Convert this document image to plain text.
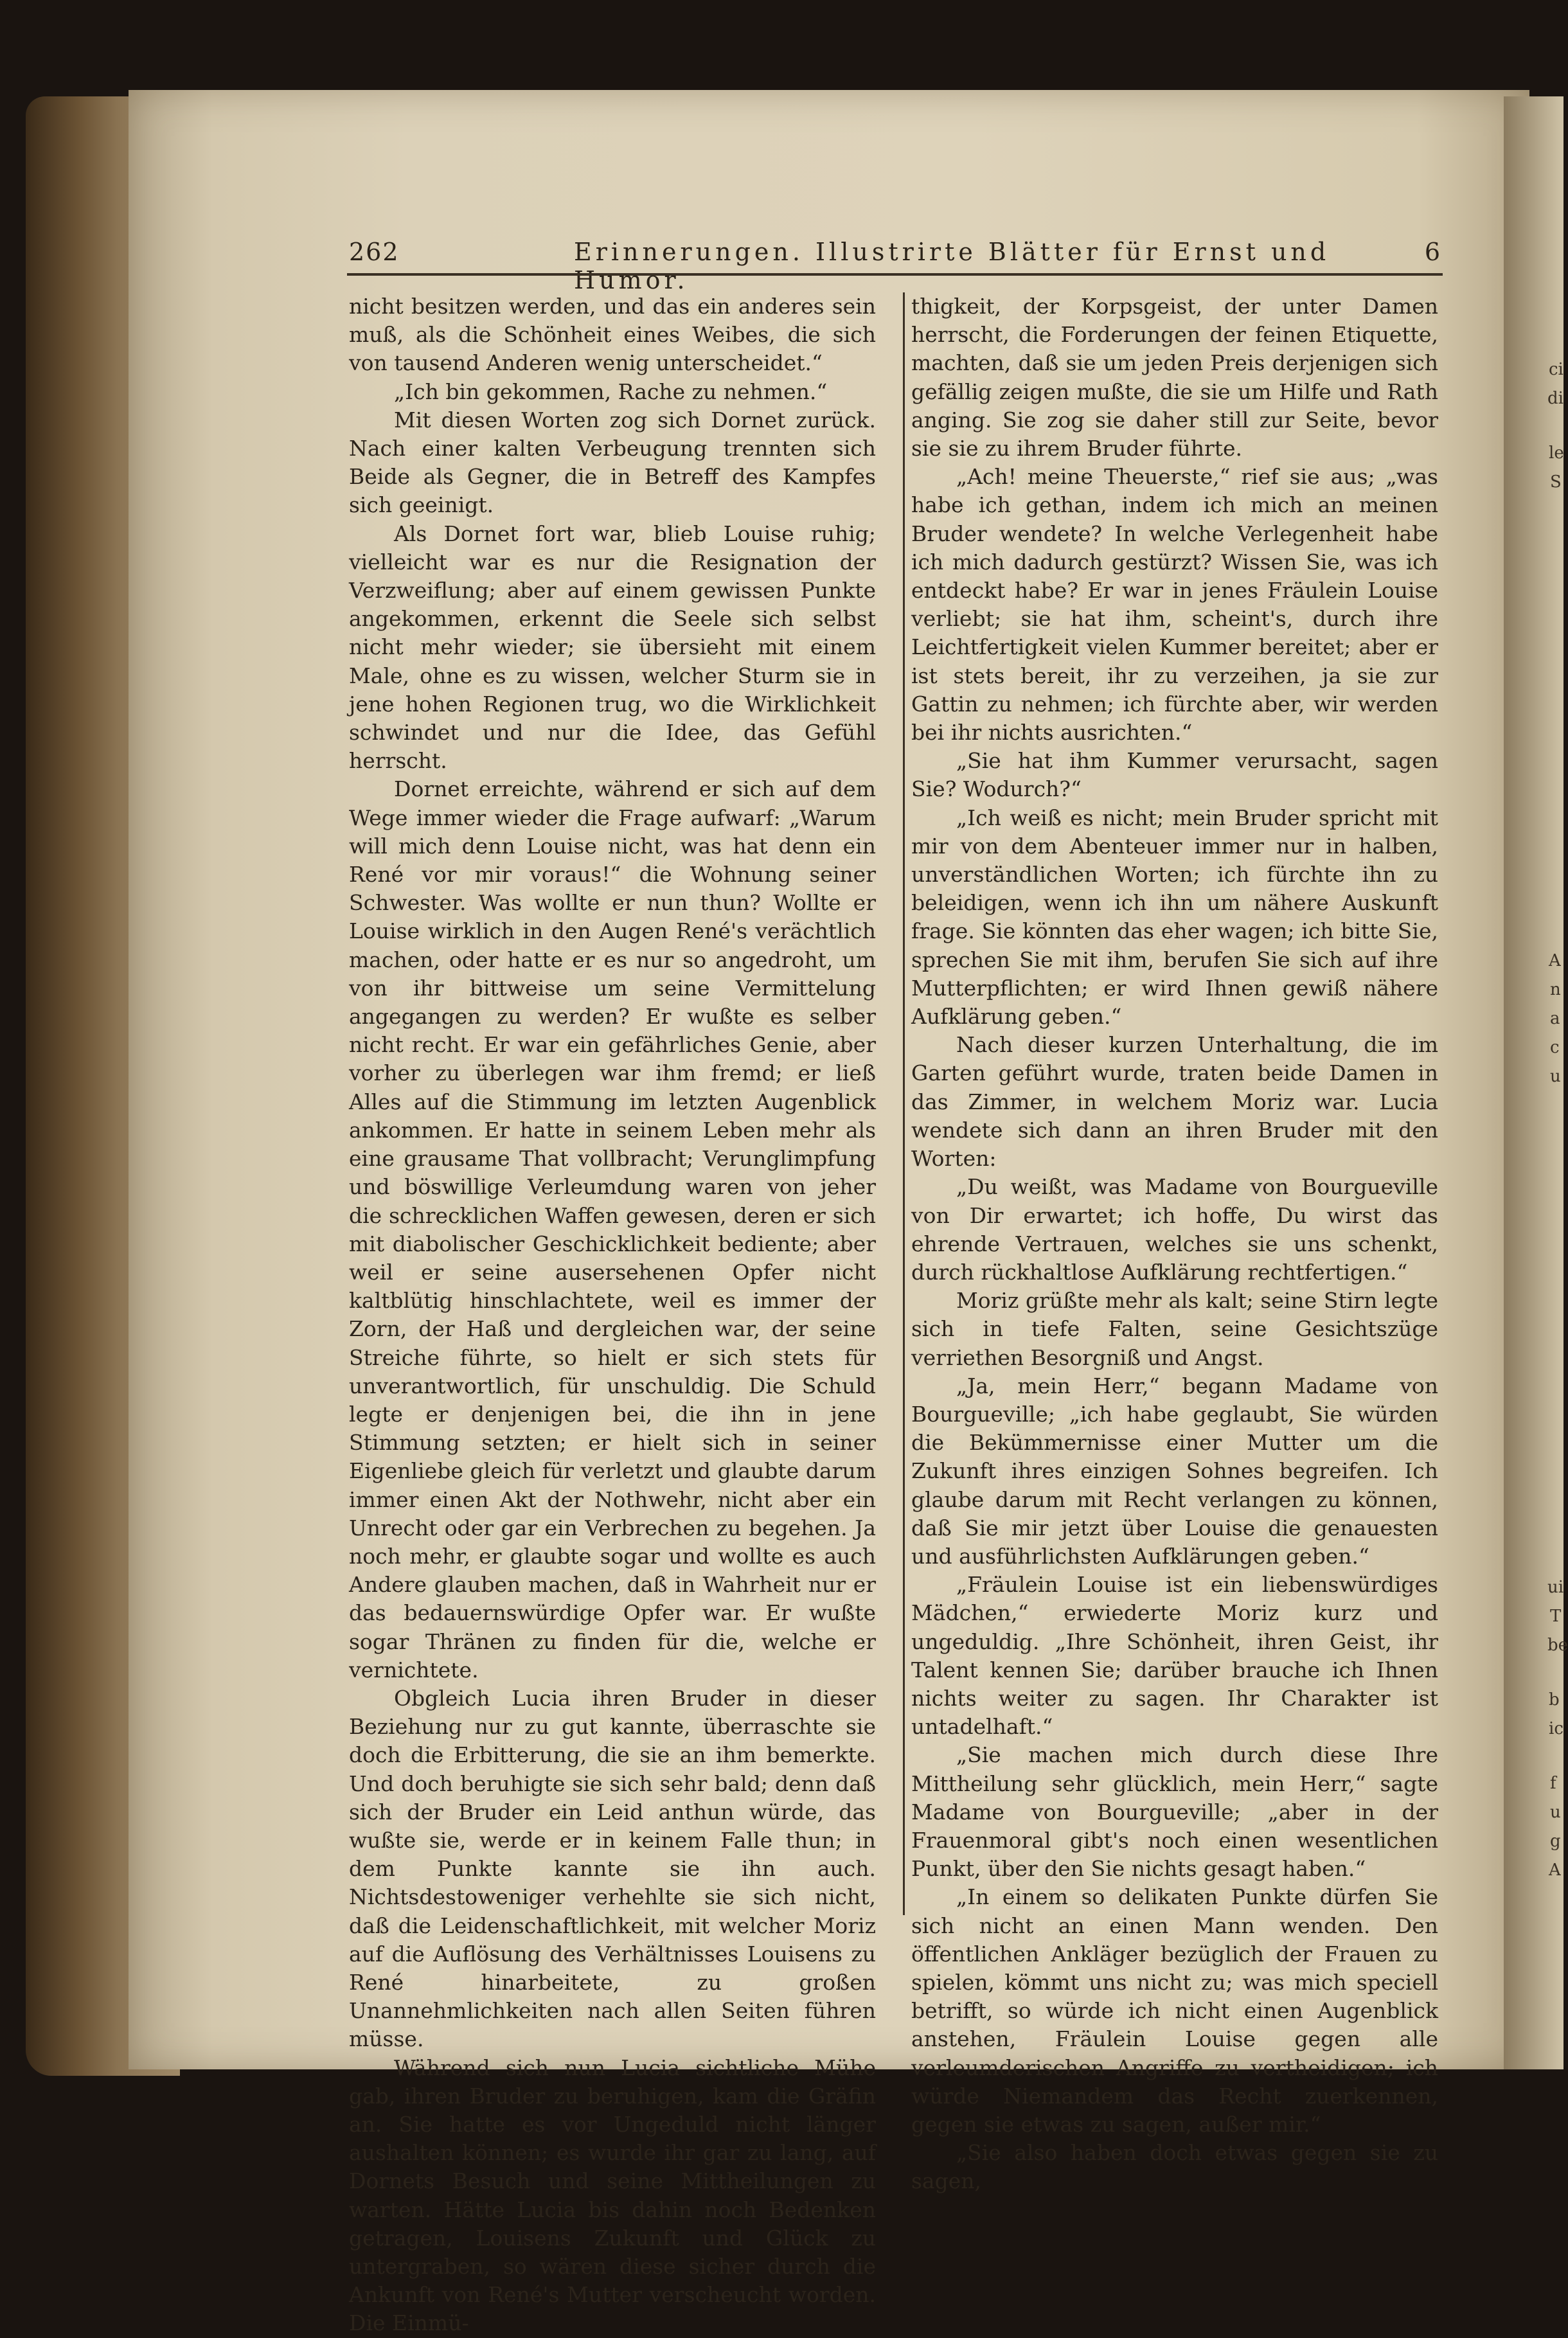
262	Erinnerungen. Illustrirte Blätter für Ernst und Humor.
6

nicht besitzen werden, und das ein anderes sein muß, als die Schönheit eines Weibes, die sich von tausend Anderen wenig unterscheidet.“

„Ich bin gekommen, Rache zu nehmen.“

Mit diesen Worten zog sich Dornet zurück. Nach einer kalten Verbeugung trennten sich Beide als Gegner, die in Betreff des Kampfes sich geeinigt.

Als Dornet fort war, blieb Louise ruhig; vielleicht war es nur die Resignation der Verzweiflung; aber auf einem gewissen Punkte angekommen, erkennt die Seele sich selbst nicht mehr wieder; sie übersieht mit einem Male, ohne es zu wissen, welcher Sturm sie in jene hohen Regionen trug, wo die Wirklichkeit schwindet und nur die Idee, das Gefühl herrscht.

Dornet erreichte, während er sich auf dem Wege immer wieder die Frage aufwarf: „Warum will mich denn Louise nicht, was hat denn ein René vor mir voraus!“ die Wohnung seiner Schwester. Was wollte er nun thun? Wollte er Louise wirklich in den Augen René's verächtlich machen, oder hatte er es nur so angedroht, um von ihr bittweise um seine Vermittelung angegangen zu werden? Er wußte es selber nicht recht. Er war ein gefährliches Genie, aber vorher zu überlegen war ihm fremd; er ließ Alles auf die Stimmung im letzten Augenblick ankommen. Er hatte in seinem Leben mehr als eine grausame That vollbracht; Verunglimpfung und böswillige Verleumdung waren von jeher die schrecklichen Waffen gewesen, deren er sich mit diabolischer Geschicklichkeit bediente; aber weil er seine ausersehenen Opfer nicht kaltblütig hinschlachtete, weil es immer der Zorn, der Haß und dergleichen war, der seine Streiche führte, so hielt er sich stets für unverantwortlich, für unschuldig. Die Schuld legte er denjenigen bei, die ihn in jene Stimmung setzten; er hielt sich in seiner Eigenliebe gleich für verletzt und glaubte darum immer einen Akt der Nothwehr, nicht aber ein Unrecht oder gar ein Verbrechen zu begehen. Ja noch mehr, er glaubte sogar und wollte es auch Andere glauben machen, daß in Wahrheit nur er das bedauernswürdige Opfer war. Er wußte sogar Thränen zu finden für die, welche er vernichtete.

Obgleich Lucia ihren Bruder in dieser Beziehung nur zu gut kannte, überraschte sie doch die Erbitterung, die sie an ihm bemerkte. Und doch beruhigte sie sich sehr bald; denn daß sich der Bruder ein Leid anthun würde, das wußte sie, werde er in keinem Falle thun; in dem Punkte kannte sie ihn auch. Nichtsdestoweniger verhehlte sie sich nicht, daß die Leidenschaftlichkeit, mit welcher Moriz auf die Auflösung des Verhältnisses Louisens zu René hinarbeitete, zu großen Unannehmlichkeiten nach allen Seiten führen müsse.

Während sich nun Lucia sichtliche Mühe gab, ihren Bruder zu beruhigen, kam die Gräfin an. Sie hatte es vor Ungeduld nicht länger aushalten können; es wurde ihr gar zu lang, auf Dornets Besuch und seine Mittheilungen zu warten. Hätte Lucia bis dahin noch Bedenken getragen, Louisens Zukunft und Glück zu untergraben, so wären diese sicher durch die Ankunft von René's Mutter verscheucht worden. Die Einmü-

thigkeit, der Korpsgeist, der unter Damen herrscht, die Forderungen der feinen Etiquette, machten, daß sie um jeden Preis derjenigen sich gefällig zeigen mußte, die sie um Hilfe und Rath anging. Sie zog sie daher still zur Seite, bevor sie sie zu ihrem Bruder führte.

„Ach! meine Theuerste,“ rief sie aus; „was habe ich gethan, indem ich mich an meinen Bruder wendete? In welche Verlegenheit habe ich mich dadurch gestürzt? Wissen Sie, was ich entdeckt habe? Er war in jenes Fräulein Louise verliebt; sie hat ihm, scheint's, durch ihre Leichtfertigkeit vielen Kummer bereitet; aber er ist stets bereit, ihr zu verzeihen, ja sie zur Gattin zu nehmen; ich fürchte aber, wir werden bei ihr nichts ausrichten.“

„Sie hat ihm Kummer verursacht, sagen Sie? Wodurch?“

„Ich weiß es nicht; mein Bruder spricht mit mir von dem Abenteuer immer nur in halben, unverständlichen Worten; ich fürchte ihn zu beleidigen, wenn ich ihn um nähere Auskunft frage. Sie könnten das eher wagen; ich bitte Sie, sprechen Sie mit ihm, berufen Sie sich auf ihre Mutterpflichten; er wird Ihnen gewiß nähere Aufklärung geben.“

Nach dieser kurzen Unterhaltung, die im Garten geführt wurde, traten beide Damen in das Zimmer, in welchem Moriz war. Lucia wendete sich dann an ihren Bruder mit den Worten:

„Du weißt, was Madame von Bourgueville von Dir erwartet; ich hoffe, Du wirst das ehrende Vertrauen, welches sie uns schenkt, durch rückhaltlose Aufklärung rechtfertigen.“

Moriz grüßte mehr als kalt; seine Stirn legte sich in tiefe Falten, seine Gesichtszüge verriethen Besorgniß und Angst.

„Ja, mein Herr,“ begann Madame von Bourgueville; „ich habe geglaubt, Sie würden die Bekümmernisse einer Mutter um die Zukunft ihres einzigen Sohnes begreifen. Ich glaube darum mit Recht verlangen zu können, daß Sie mir jetzt über Louise die genauesten und ausführlichsten Aufklärungen geben.“

„Fräulein Louise ist ein liebenswürdiges Mädchen,“ erwiederte Moriz kurz und ungeduldig. „Ihre Schönheit, ihren Geist, ihr Talent kennen Sie; darüber brauche ich Ihnen nichts weiter zu sagen. Ihr Charakter ist untadelhaft.“

„Sie machen mich durch diese Ihre Mittheilung sehr glücklich, mein Herr,“ sagte Madame von Bourgueville; „aber in der Frauenmoral gibt's noch einen wesentlichen Punkt, über den Sie nichts gesagt haben.“

„In einem so delikaten Punkte dürfen Sie sich nicht an einen Mann wenden. Den öffentlichen Ankläger bezüglich der Frauen zu spielen, kömmt uns nicht zu; was mich speciell betrifft, so würde ich nicht einen Augenblick anstehen, Fräulein Louise gegen alle verleumderischen Angriffe zu vertheidigen; ich würde Niemandem das Recht zuerkennen, gegen sie etwas zu sagen, außer mir.“

„Sie also haben doch etwas gegen sie zu sagen,

ci
di
le
S
A
n
a
c
u
ui
T
be
b
ic
f
u
g
A
